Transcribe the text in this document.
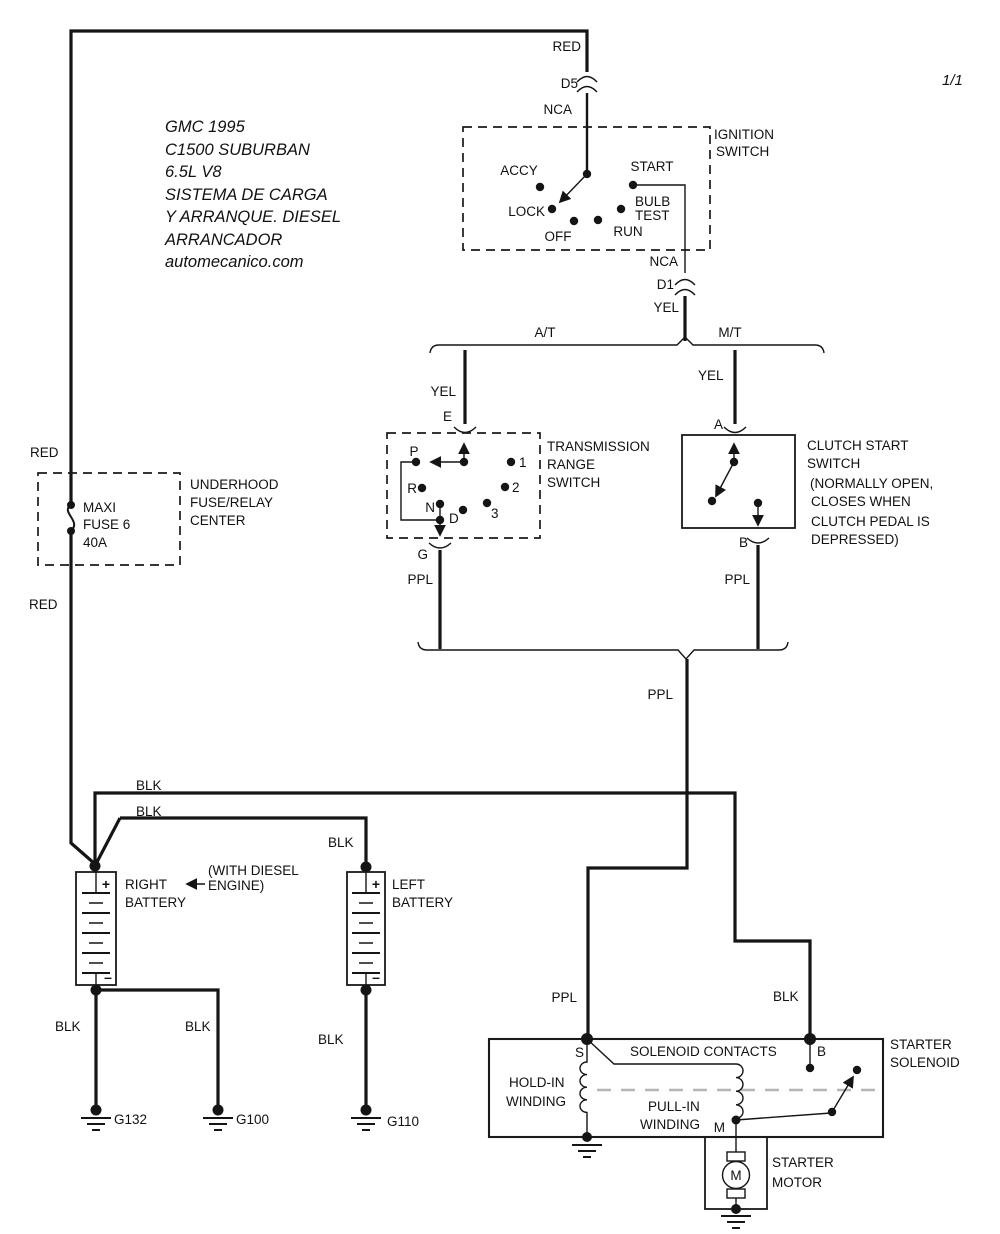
RED
D5
NCA
1/1
GMC 1995
C1500 SUBURBAN
6.5L V8
SISTEMA DE CARGA
Y ARRANQUE. DIESEL
ARRANCADOR
automecanico.com
IGNITION
SWITCH
ACCY
LOCK
OFF	RUN
BULB
TEST
START
NCA
D1
YEL
A/T	M/T
YEL
E
YEL
A
TRANSMISSION
RANGE
SWITCH
P
R
N
D
1
2
3
G
PPL
CLUTCH START
SWITCH
(NORMALLY OPEN,
CLOSES WHEN
CLUTCH PEDAL IS
DEPRESSED)
B
PPL
PPL
RED
MAXI
FUSE 6
40A
UNDERHOOD
FUSE/RELAY
CENTER
RED
BLK
BLK
BLK
+
–
RIGHT
BATTERY
(WITH DIESEL
ENGINE)	+
–
LEFT
BATTERY
BLK	BLK
BLK
G132	G100	G110
PPL	BLK
S	B
SOLENOID CONTACTS
HOLD-IN
WINDING	PULL-IN
WINDING M
STARTER
SOLENOID
M
STARTER
MOTOR
